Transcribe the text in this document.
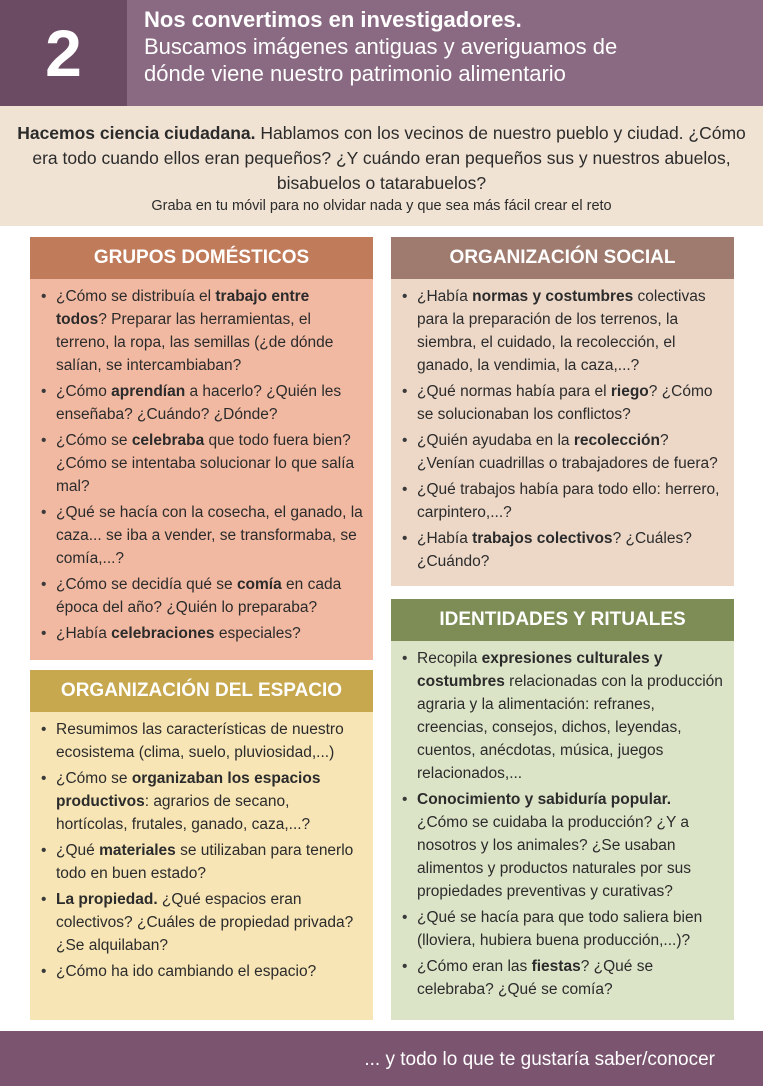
2	Nos convertimos en investigadores.
Buscamos imágenes antiguas y averiguamos de
dónde viene nuestro patrimonio alimentario
Hacemos ciencia ciudadana. Hablamos con los vecinos de nuestro pueblo y ciudad. ¿Cómo era todo cuando ellos eran pequeños? ¿Y cuándo eran pequeños sus y nuestros abuelos, bisabuelos o tatarabuelos?
Graba en tu móvil para no olvidar nada y que sea más fácil crear el reto
GRUPOS DOMÉSTICOS
• ¿Cómo se distribuía el trabajo entre todos? Preparar las herramientas, el terreno, la ropa, las semillas (¿de dónde salían, se intercambiaban?
• ¿Cómo aprendían a hacerlo? ¿Quién les enseñaba? ¿Cuándo? ¿Dónde?
• ¿Cómo se celebraba que todo fuera bien? ¿Cómo se intentaba solucionar lo que salía mal?
• ¿Qué se hacía con la cosecha, el ganado, la caza... se iba a vender, se transformaba, se comía,...?
• ¿Cómo se decidía qué se comía en cada época del año? ¿Quién lo preparaba?
• ¿Había celebraciones especiales?
ORGANIZACIÓN SOCIAL
• ¿Había normas y costumbres colectivas para la preparación de los terrenos, la siembra, el cuidado, la recolección, el ganado, la vendimia, la caza,...?
• ¿Qué normas había para el riego? ¿Cómo se solucionaban los conflictos?
• ¿Quién ayudaba en la recolección? ¿Venían cuadrillas o trabajadores de fuera?
• ¿Qué trabajos había para todo ello: herrero, carpintero,...?
• ¿Había trabajos colectivos? ¿Cuáles? ¿Cuándo?
ORGANIZACIÓN DEL ESPACIO
• Resumimos las características de nuestro ecosistema (clima, suelo, pluviosidad,...)
• ¿Cómo se organizaban los espacios productivos: agrarios de secano, hortícolas, frutales, ganado, caza,...?
• ¿Qué materiales se utilizaban para tenerlo todo en buen estado?
• La propiedad. ¿Qué espacios eran colectivos? ¿Cuáles de propiedad privada? ¿Se alquilaban?
• ¿Cómo ha ido cambiando el espacio?
IDENTIDADES Y RITUALES
• Recopila expresiones culturales y costumbres relacionadas con la producción agraria y la alimentación: refranes, creencias, consejos, dichos, leyendas, cuentos, anécdotas, música, juegos relacionados,...
• Conocimiento y sabiduría popular. ¿Cómo se cuidaba la producción? ¿Y a nosotros y los animales? ¿Se usaban alimentos y productos naturales por sus propiedades preventivas y curativas?
• ¿Qué se hacía para que todo saliera bien (lloviera, hubiera buena producción,...)?
• ¿Cómo eran las fiestas? ¿Qué se celebraba? ¿Qué se comía?
... y todo lo que te gustaría saber/conocer
